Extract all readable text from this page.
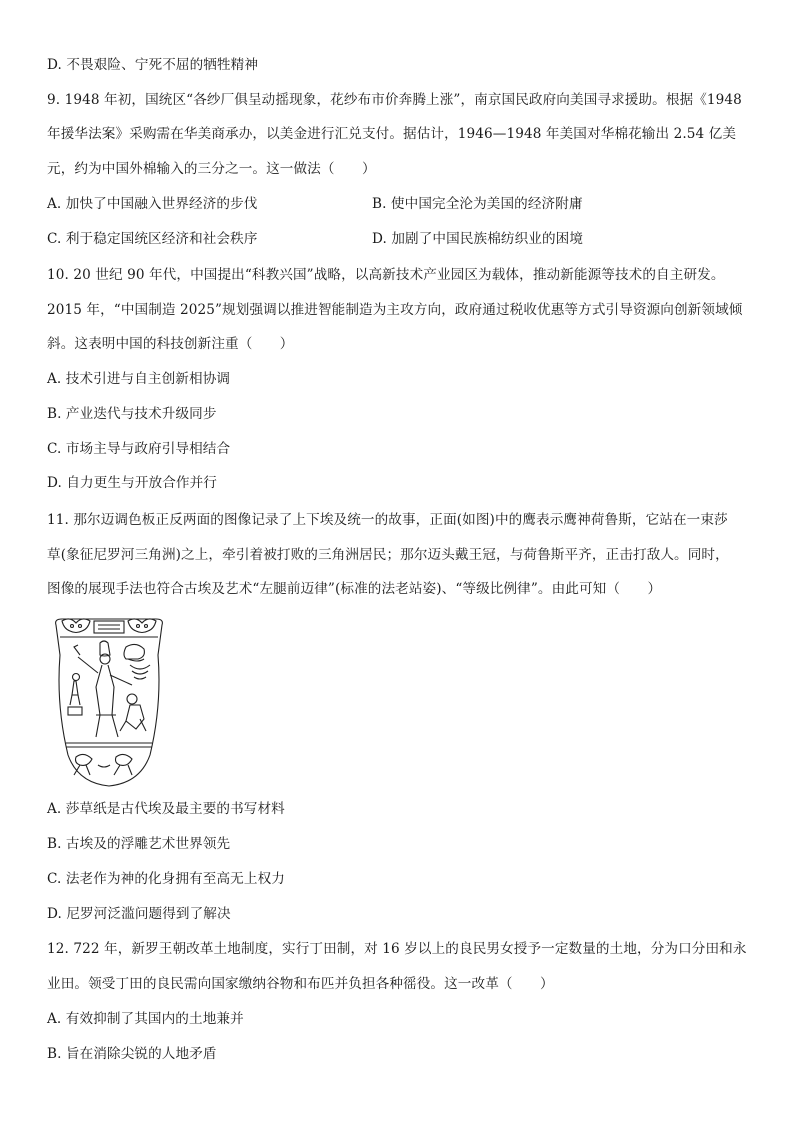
D. 不畏艰险、宁死不屈的牺牲精神
9. 1948 年初，国统区“各纱厂俱呈动摇现象，花纱布市价奔腾上涨”，南京国民政府向美国寻求援助。根据《1948
年援华法案》采购需在华美商承办，以美金进行汇兑支付。据估计，1946—1948 年美国对华棉花输出 2.54 亿美
元，约为中国外棉输入的三分之一。这一做法（　　）
A. 加快了中国融入世界经济的步伐	B. 使中国完全沦为美国的经济附庸
C. 利于稳定国统区经济和社会秩序	D. 加剧了中国民族棉纺织业的困境
10. 20 世纪 90 年代，中国提出“科教兴国”战略，以高新技术产业园区为载体，推动新能源等技术的自主研发。
2015 年，“中国制造 2025”规划强调以推进智能制造为主攻方向，政府通过税收优惠等方式引导资源向创新领域倾
斜。这表明中国的科技创新注重（　　）
A. 技术引进与自主创新相协调
B. 产业迭代与技术升级同步
C. 市场主导与政府引导相结合
D. 自力更生与开放合作并行
11. 那尔迈调色板正反两面的图像记录了上下埃及统一的故事，正面(如图)中的鹰表示鹰神荷鲁斯，它站在一束莎
草(象征尼罗河三角洲)之上，牵引着被打败的三角洲居民；那尔迈头戴王冠，与荷鲁斯平齐，正击打敌人。同时，
图像的展现手法也符合古埃及艺术“左腿前迈律”(标准的法老站姿)、“等级比例律”。由此可知（　　）
A. 莎草纸是古代埃及最主要的书写材料
B. 古埃及的浮雕艺术世界领先
C. 法老作为神的化身拥有至高无上权力
D. 尼罗河泛滥问题得到了解决
12. 722 年，新罗王朝改革土地制度，实行丁田制，对 16 岁以上的良民男女授予一定数量的土地，分为口分田和永
业田。领受丁田的良民需向国家缴纳谷物和布匹并负担各种徭役。这一改革（　　）
A. 有效抑制了其国内的土地兼并
B. 旨在消除尖锐的人地矛盾
